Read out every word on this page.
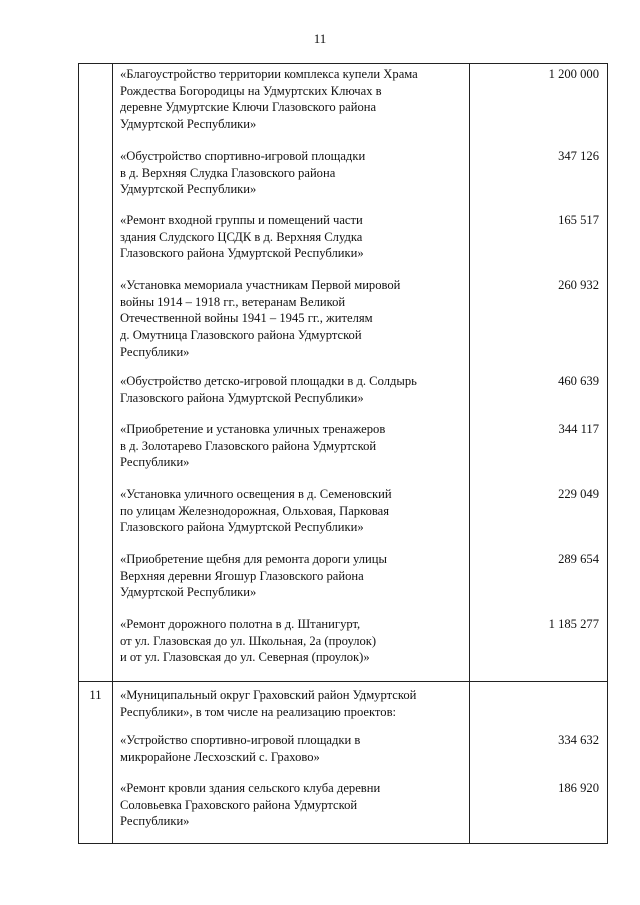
11
«Благоустройство территории комплекса купели Храма
Рождества Богородицы на Удмуртских Ключах в
деревне Удмуртские Ключи Глазовского района
Удмуртской Республики»
1 200 000
«Обустройство спортивно-игровой площадки
в д. Верхняя Слудка Глазовского района
Удмуртской Республики»
347 126
«Ремонт входной группы и помещений части
здания Слудского ЦСДК в д. Верхняя Слудка
Глазовского района Удмуртской Республики»
165 517
«Установка мемориала участникам Первой мировой
войны 1914 – 1918 гг., ветеранам Великой
Отечественной войны 1941 – 1945 гг., жителям
д. Омутница Глазовского района Удмуртской
Республики»
260 932
«Обустройство детско-игровой площадки в д. Солдырь
Глазовского района Удмуртской Республики»
460 639
«Приобретение и установка уличных тренажеров
в д. Золотарево Глазовского района Удмуртской
Республики»
344 117
«Установка уличного освещения в д. Семеновский
по улицам Железнодорожная, Ольховая, Парковая
Глазовского района Удмуртской Республики»
229 049
«Приобретение щебня для ремонта дороги улицы
Верхняя деревни Ягошур Глазовского района
Удмуртской Республики»
289 654
«Ремонт дорожного полотна в д. Штанигурт,
от ул. Глазовская до ул. Школьная, 2а (проулок)
и от ул. Глазовская до ул. Северная (проулок)»
1 185 277
11	«Муниципальный округ Граховский район Удмуртской
Республики», в том числе на реализацию проектов:
«Устройство спортивно-игровой площадки в
микрорайоне Лесхозский с. Грахово»
334 632
«Ремонт кровли здания сельского клуба деревни
Соловьевка Граховского района Удмуртской
Республики»
186 920
